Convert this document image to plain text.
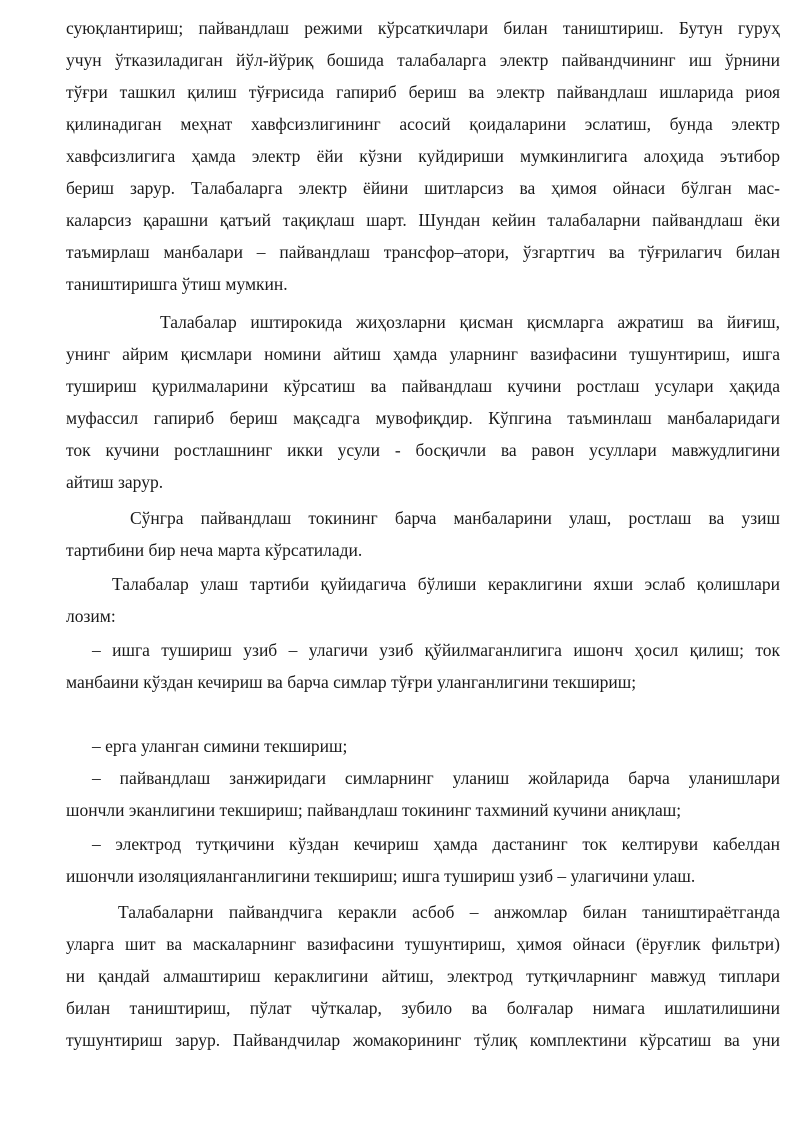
суюқлантириш; пайвандлаш режими кўрсаткичлари билан таништириш. Бутун гуруҳ
учун ўтказиладиган йўл-йўриқ бошида талабаларга электр пайвандчининг иш ўрнини
тўғри ташкил қилиш тўғрисида гапириб бериш ва электр пайвандлаш ишларида риоя
қилинадиган меҳнат хавфсизлигининг асосий қоидаларини эслатиш, бунда электр
хавфсизлигига ҳамда электр ёйи кўзни куйдириши мумкинлигига алоҳида эътибор
бериш зарур. Талабаларга электр ёйини шитларсиз ва ҳимоя ойнаси бўлган мас-
каларсиз қарашни қатъий тақиқлаш шарт. Шундан кейин талабаларни пайвандлаш ёки
таъмирлаш манбалари – пайвандлаш трансфор–атори, ўзгартгич ва тўғрилагич билан
таништиришга ўтиш мумкин.
Талабалар иштирокида жиҳозларни қисман қисмларга ажратиш ва йиғиш,
унинг айрим қисмлари номини айтиш ҳамда уларнинг вазифасини тушунтириш, ишга
тушириш қурилмаларини кўрсатиш ва пайвандлаш кучини ростлаш усулари ҳақида
муфассил гапириб бериш мақсадга мувофиқдир. Кўпгина таъминлаш манбаларидаги
ток кучини ростлашнинг икки усули - босқичли ва равон усуллари мавжудлигини
айтиш зарур.
Сўнгра пайвандлаш токининг барча манбаларини улаш, ростлаш ва узиш
тартибини бир неча марта кўрсатилади.
Талабалар улаш тартиби қуйидагича бўлиши кераклигини яхши эслаб қолишлари
лозим:
– ишга тушириш узиб – улагичи узиб қўйилмаганлигига ишонч ҳосил қилиш; ток
манбаини кўздан кечириш ва барча симлар тўғри уланганлигини текшириш;
– ерга уланган симини текшириш;
– пайвандлаш занжиридаги симларнинг уланиш жойларида барча уланишлари
шончли эканлигини текшириш; пайвандлаш токининг тахминий кучини аниқлаш;
– электрод тутқичини кўздан кечириш ҳамда дастанинг ток келтируви кабелдан
ишончли изоляцияланганлигини текшириш; ишга тушириш узиб – улагичини улаш.
Талабаларни пайвандчига керакли асбоб – анжомлар билан таништираётганда
уларга шит ва маскаларнинг вазифасини тушунтириш, ҳимоя ойнаси (ёруғлик фильтри)
ни қандай алмаштириш кераклигини айтиш, электрод тутқичларнинг мавжуд типлари
билан таништириш, пўлат чўткалар, зубило ва болғалар нимага ишлатилишини
тушунтириш зарур. Пайвандчилар жомакорининг тўлиқ комплектини кўрсатиш ва уни
